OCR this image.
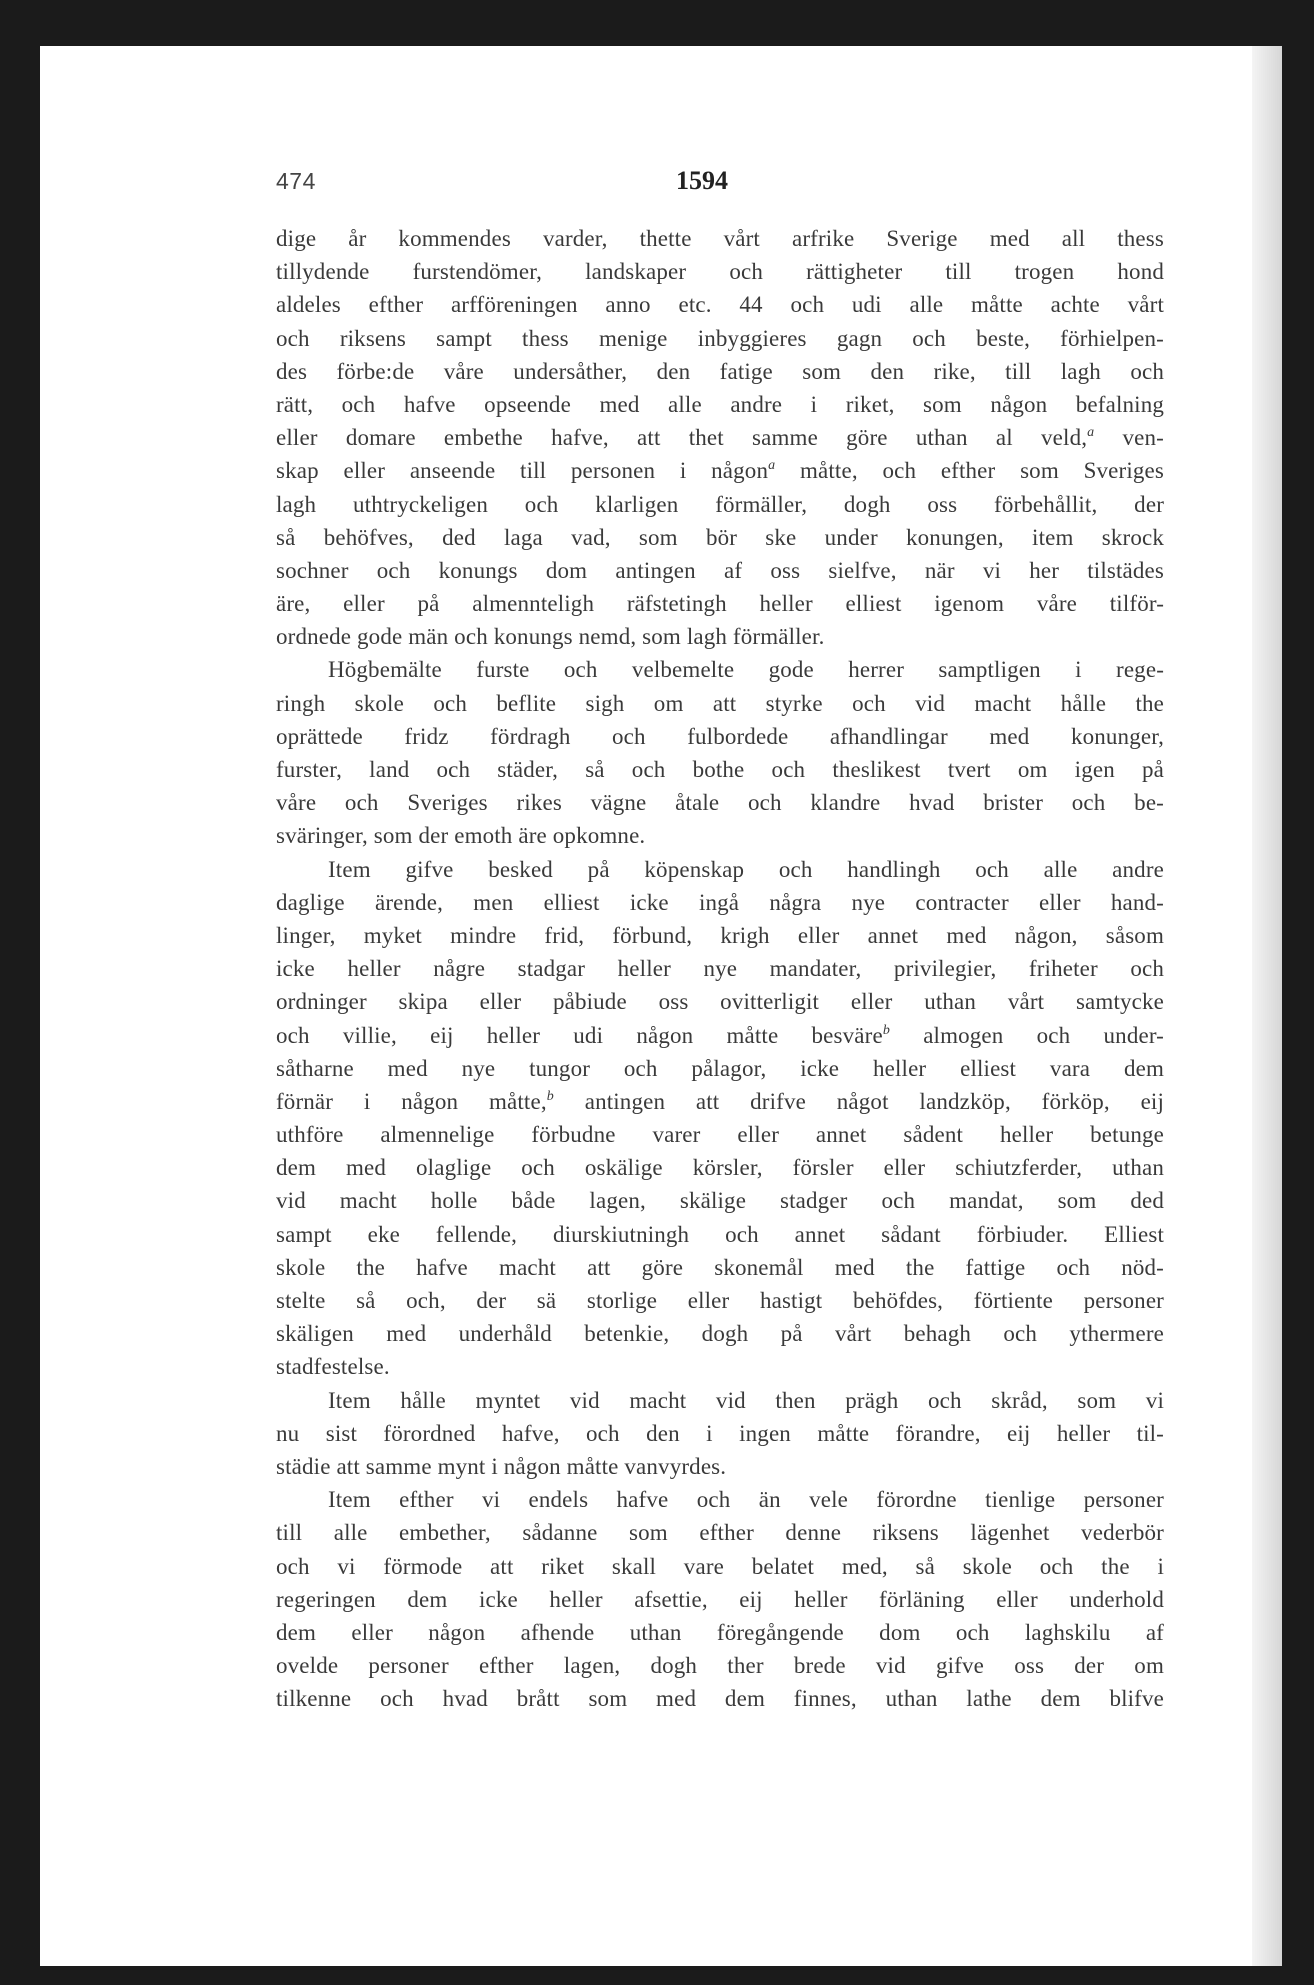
474	1594
dige år kommendes varder, thette vårt arfrike Sverige med all thess
tillydende furstendömer, landskaper och rättigheter till trogen hond
aldeles efther arfföreningen anno etc. 44 och udi alle måtte achte vårt
och riksens sampt thess menige inbyggieres gagn och beste, förhielpen-
des förbe:de våre undersåther, den fatige som den rike, till lagh och
rätt, och hafve opseende med alle andre i riket, som någon befalning
eller domare embethe hafve, att thet samme göre uthan al veld,$^a$ ven-
skap eller anseende till personen i någon$^a$ måtte, och efther som Sveriges
lagh uthtryckeligen och klarligen förmäller, dogh oss förbehållit, der
så behöfves, ded laga vad, som bör ske under konungen, item skrock
sochner och konungs dom antingen af oss sielfve, när vi her tilstädes
äre, eller på almennteligh räfstetingh heller elliest igenom våre tilför-
ordnede gode män och konungs nemd, som lagh förmäller.
Högbemälte furste och velbemelte gode herrer samptligen i rege-
ringh skole och beflite sigh om att styrke och vid macht hålle the
oprättede fridz fördragh och fulbordede afhandlingar med konunger,
furster, land och städer, så och bothe och theslikest tvert om igen på
våre och Sveriges rikes vägne åtale och klandre hvad brister och be-
sväringer, som der emoth äre opkomne.
Item gifve besked på köpenskap och handlingh och alle andre
daglige ärende, men elliest icke ingå några nye contracter eller hand-
linger, myket mindre frid, förbund, krigh eller annet med någon, såsom
icke heller någre stadgar heller nye mandater, privilegier, friheter och
ordninger skipa eller påbiude oss ovitterligit eller uthan vårt samtycke
och villie, eij heller udi någon måtte besväre$^b$ almogen och under-
såtharne med nye tungor och pålagor, icke heller elliest vara dem
förnär i någon måtte,$^b$ antingen att drifve något landzköp, förköp, eij
uthföre almennelige förbudne varer eller annet sådent heller betunge
dem med olaglige och oskälige körsler, försler eller schiutzferder, uthan
vid macht holle både lagen, skälige stadger och mandat, som ded
sampt eke fellende, diurskiutningh och annet sådant förbiuder. Elliest
skole the hafve macht att göre skonemål med the fattige och nöd-
stelte så och, der sä storlige eller hastigt behöfdes, förtiente personer
skäligen med underhåld betenkie, dogh på vårt behagh och ythermere
stadfestelse.
Item hålle myntet vid macht vid then prägh och skråd, som vi
nu sist förordned hafve, och den i ingen måtte förandre, eij heller til-
städie att samme mynt i någon måtte vanvyrdes.
Item efther vi endels hafve och än vele förordne tienlige personer
till alle embether, sådanne som efther denne riksens lägenhet vederbör
och vi förmode att riket skall vare belatet med, så skole och the i
regeringen dem icke heller afsettie, eij heller förläning eller underhold
dem eller någon afhende uthan föregångende dom och laghskilu af
ovelde personer efther lagen, dogh ther brede vid gifve oss der om
tilkenne och hvad brått som med dem finnes, uthan lathe dem blifve
